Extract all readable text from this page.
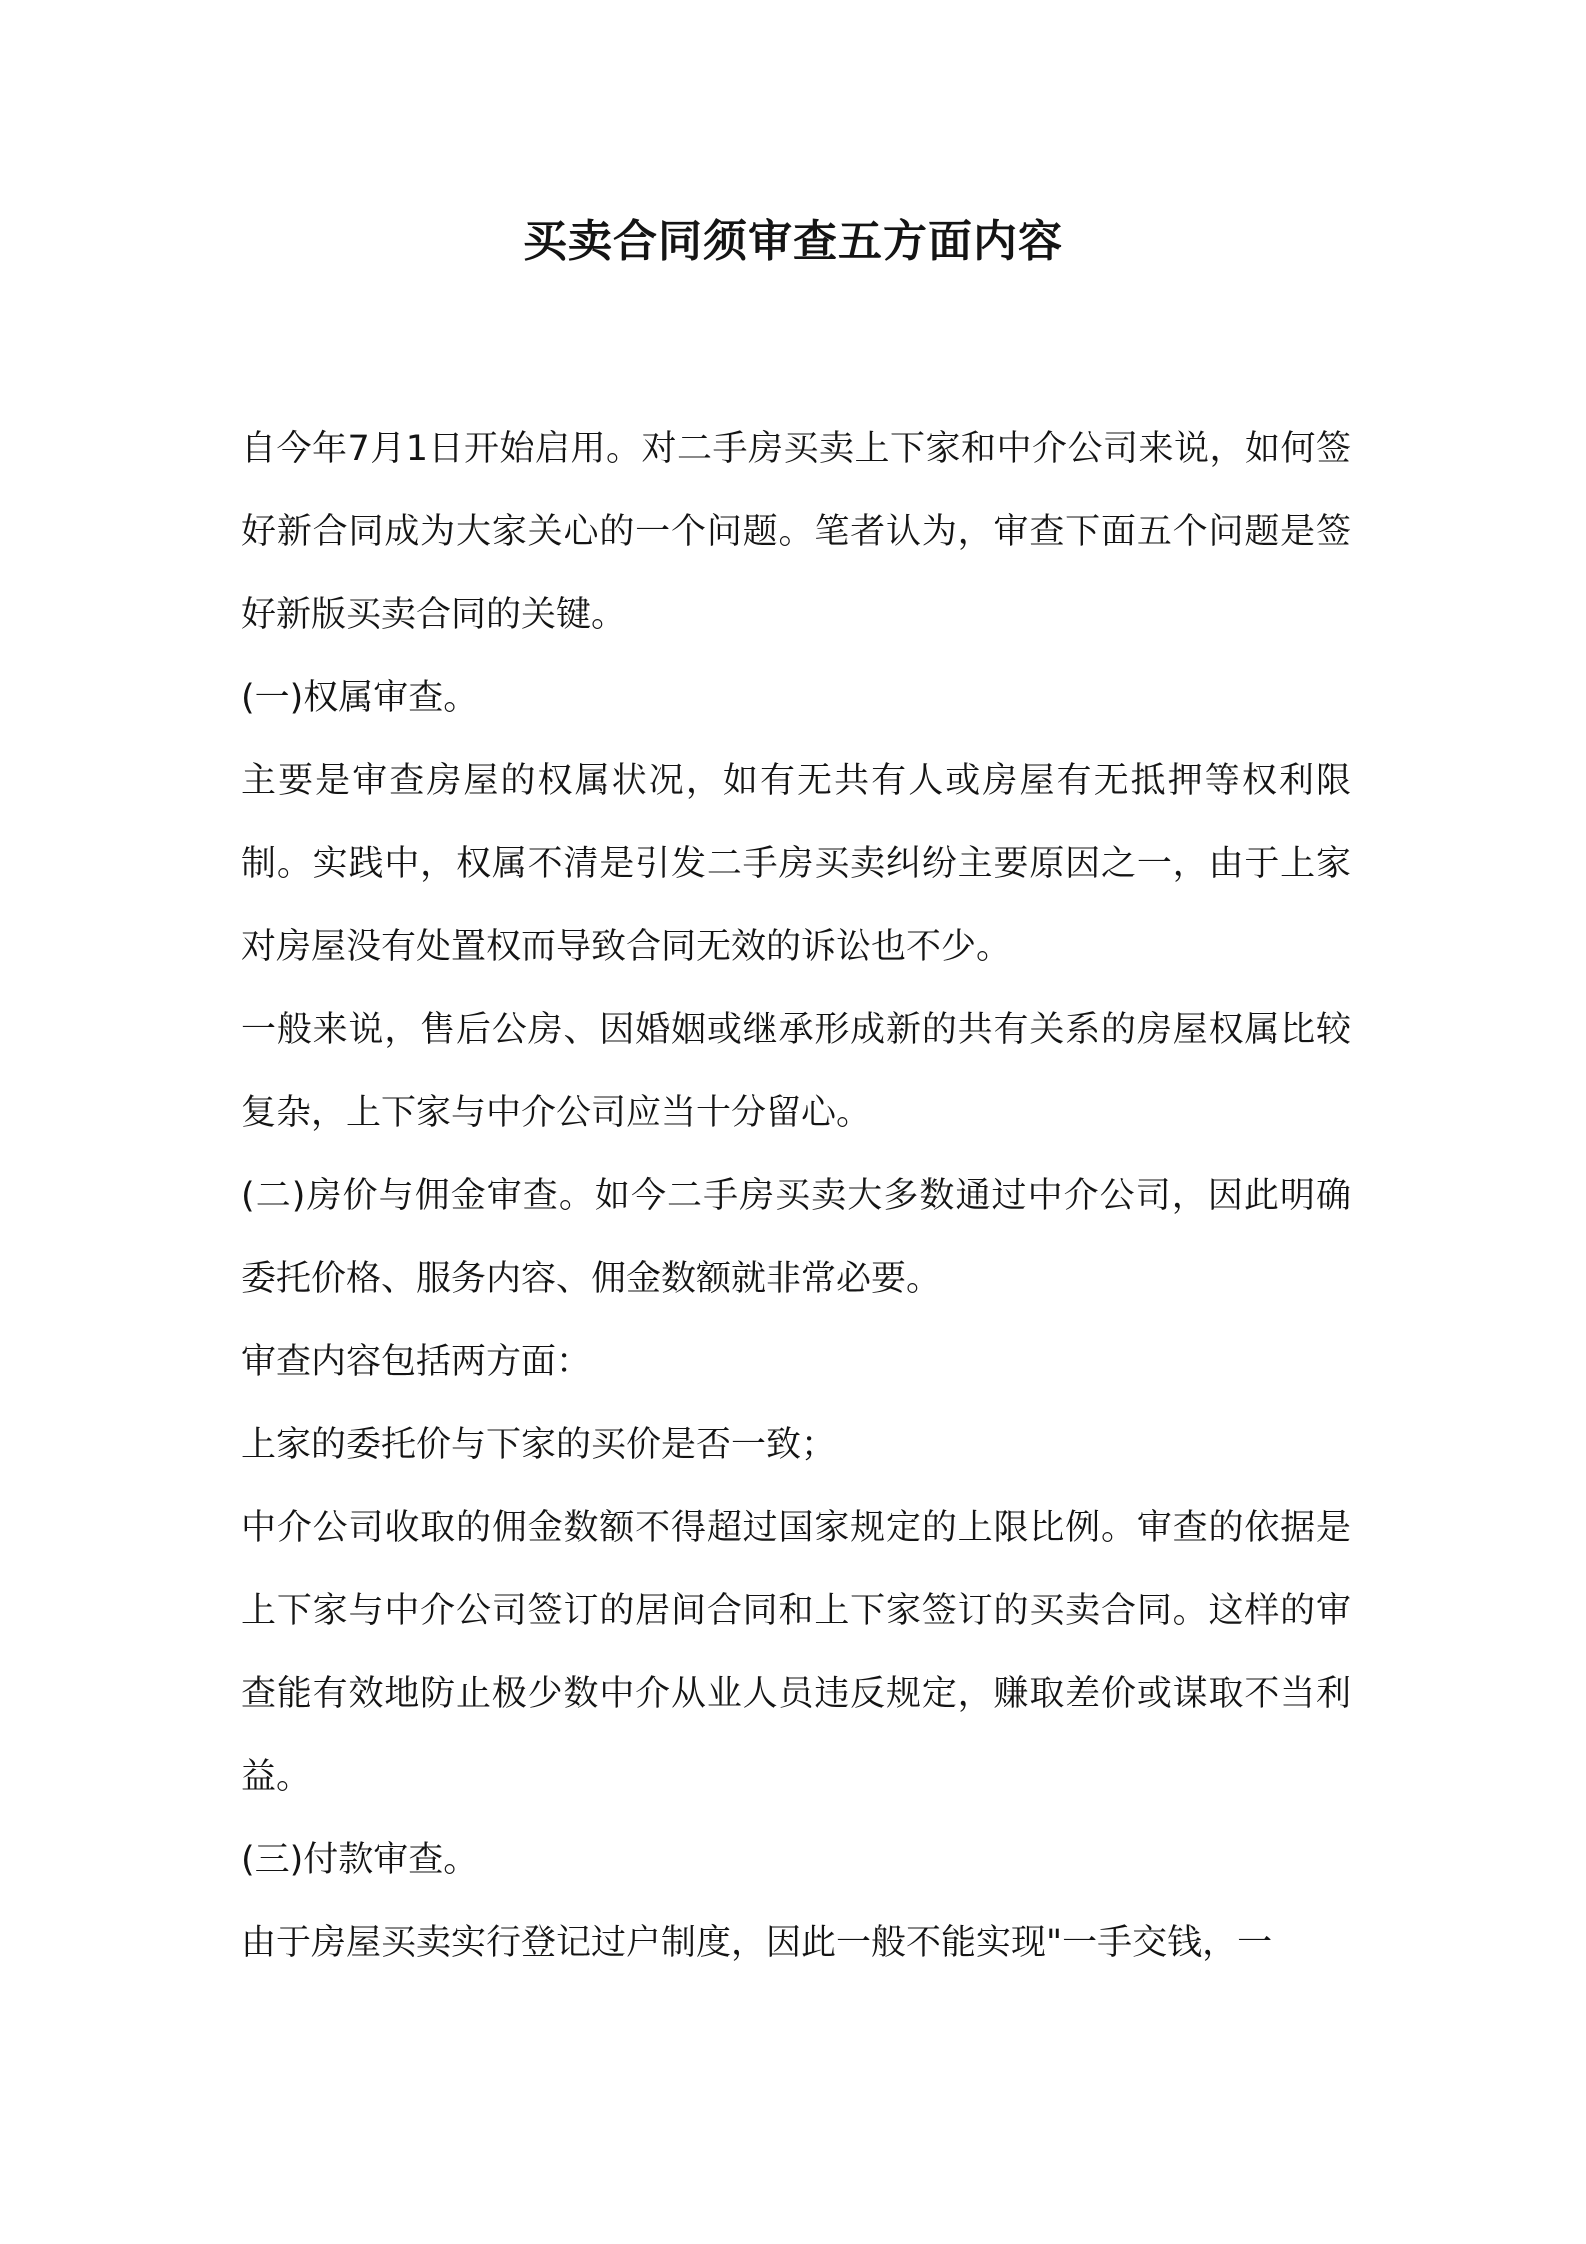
买卖合同须审查五方面内容

自今年7月1日开始启用。对二手房买卖上下家和中介公司来说，如何签好新合同成为大家关心的一个问题。笔者认为，审查下面五个问题是签好新版买卖合同的关键。

(一)权属审查。

主要是审查房屋的权属状况，如有无共有人或房屋有无抵押等权利限制。实践中，权属不清是引发二手房买卖纠纷主要原因之一，由于上家对房屋没有处置权而导致合同无效的诉讼也不少。

一般来说，售后公房、因婚姻或继承形成新的共有关系的房屋权属比较复杂，上下家与中介公司应当十分留心。

(二)房价与佣金审查。如今二手房买卖大多数通过中介公司，因此明确委托价格、服务内容、佣金数额就非常必要。

审查内容包括两方面：

上家的委托价与下家的买价是否一致；

中介公司收取的佣金数额不得超过国家规定的上限比例。审查的依据是上下家与中介公司签订的居间合同和上下家签订的买卖合同。这样的审查能有效地防止极少数中介从业人员违反规定，赚取差价或谋取不当利益。

(三)付款审查。

由于房屋买卖实行登记过户制度，因此一般不能实现"一手交钱，一
